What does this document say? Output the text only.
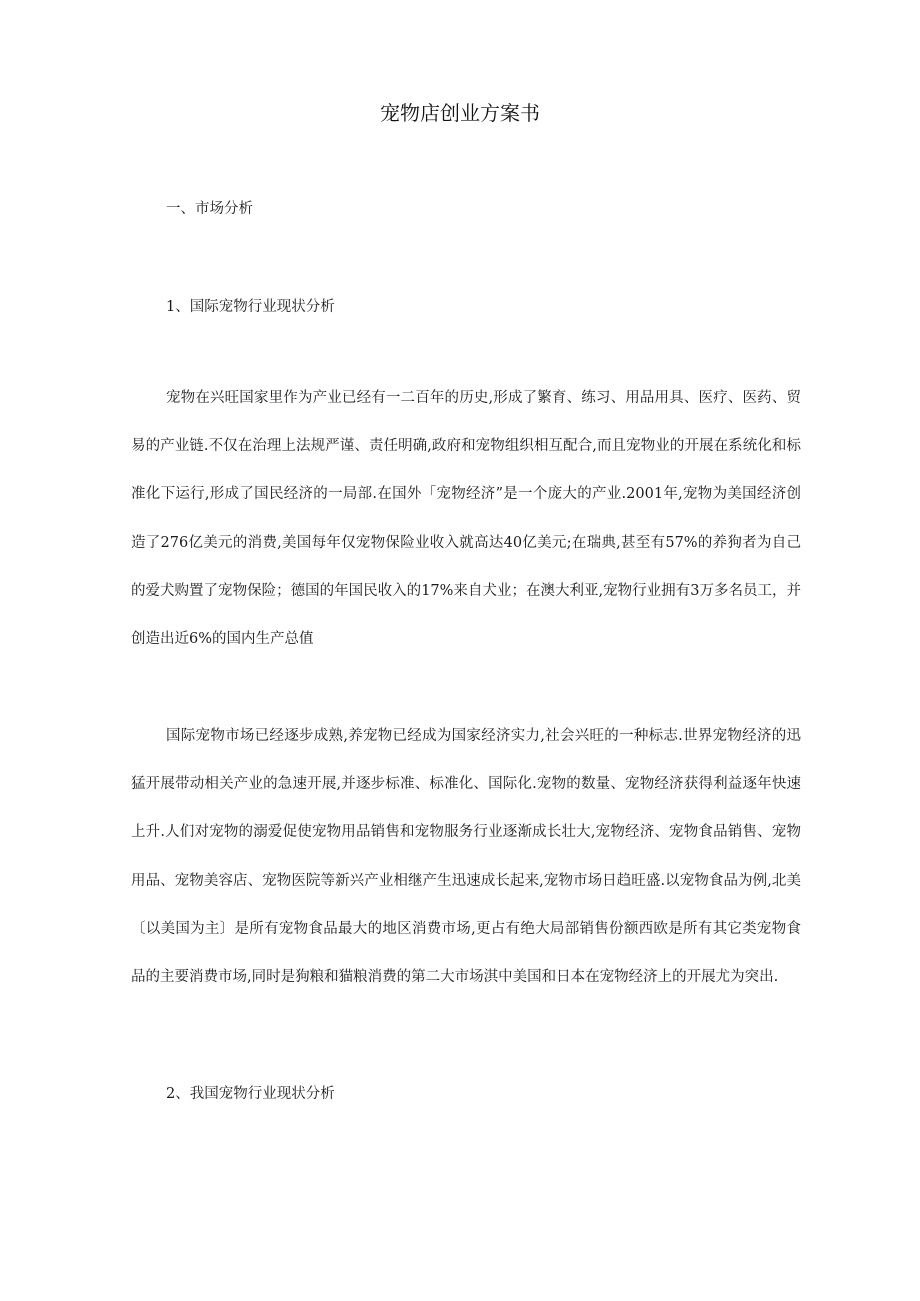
宠物店创业方案书
一、市场分析
1、国际宠物行业现状分析

宠物在兴旺国家里作为产业已经有一二百年的历史,形成了繁育、练习、用品用具、医疗、医药、贸易的产业链.不仅在治理上法规严谨、责任明确,政府和宠物组织相互配合,而且宠物业的开展在系统化和标准化下运行,形成了国民经济的一局部.在国外「宠物经济”是一个庞大的产业.2001年,宠物为美国经济创造了276亿美元的消费,美国每年仅宠物保险业收入就高达40亿美元;在瑞典,甚至有57%的养狗者为自己的爱犬购置了宠物保险；德国的年国民收入的17%来自犬业；在澳大利亚,宠物行业拥有3万多名员工，并创造出近6%的国内生产总值

国际宠物市场已经逐步成熟,养宠物已经成为国家经济实力,社会兴旺的一种标志.世界宠物经济的迅猛开展带动相关产业的急速开展,并逐步标准、标准化、国际化.宠物的数量、宠物经济获得利益逐年快速上升.人们对宠物的溺爱促使宠物用品销售和宠物服务行业逐渐成长壮大,宠物经济、宠物食品销售、宠物用品、宠物美容店、宠物医院等新兴产业相继产生迅速成长起来,宠物市场日趋旺盛.以宠物食品为例,北美〔以美国为主〕是所有宠物食品最大的地区消费市场,更占有绝大局部销售份额西欧是所有其它类宠物食品的主要消费市场,同时是狗粮和猫粮消费的第二大市场淇中美国和日本在宠物经济上的开展尤为突出.

2、我国宠物行业现状分析
